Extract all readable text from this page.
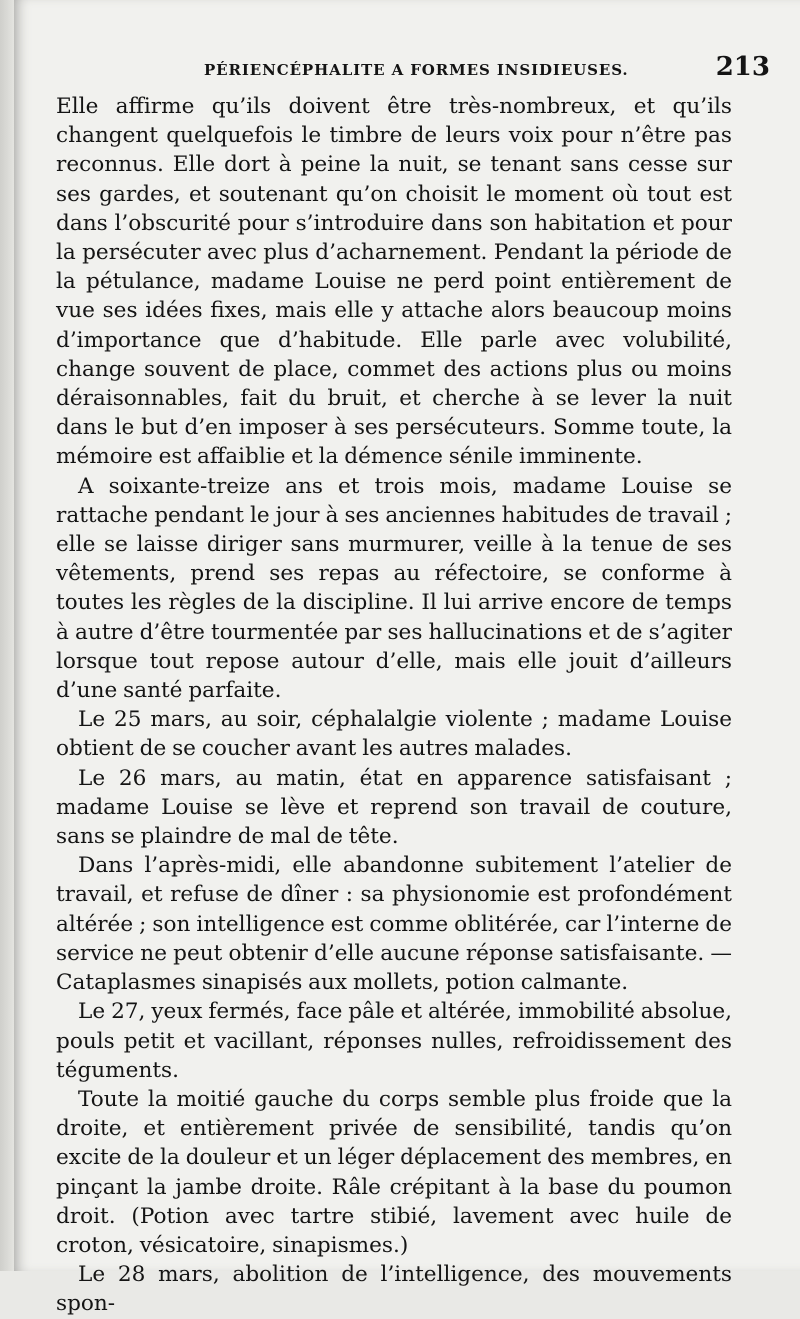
PÉRIENCÉPHALITE A FORMES INSIDIEUSES.	213

Elle affirme qu’ils doivent être très-nombreux, et qu’ils changent quelquefois le timbre de leurs voix pour n’être pas reconnus. Elle dort à peine la nuit, se tenant sans cesse sur ses gardes, et soutenant qu’on choisit le moment où tout est dans l’obscurité pour s’introduire dans son habitation et pour la persécuter avec plus d’acharnement. Pendant la période de la pétulance, madame Louise ne perd point entièrement de vue ses idées fixes, mais elle y attache alors beaucoup moins d’importance que d’habitude. Elle parle avec volubilité, change souvent de place, commet des actions plus ou moins déraisonnables, fait du bruit, et cherche à se lever la nuit dans le but d’en imposer à ses persécuteurs. Somme toute, la mémoire est affaiblie et la démence sénile imminente.

A soixante-treize ans et trois mois, madame Louise se rattache pendant le jour à ses anciennes habitudes de travail ; elle se laisse diriger sans murmurer, veille à la tenue de ses vêtements, prend ses repas au réfectoire, se conforme à toutes les règles de la discipline. Il lui arrive encore de temps à autre d’être tourmentée par ses hallucinations et de s’agiter lorsque tout repose autour d’elle, mais elle jouit d’ailleurs d’une santé parfaite.

Le 25 mars, au soir, céphalalgie violente ; madame Louise obtient de se coucher avant les autres malades.

Le 26 mars, au matin, état en apparence satisfaisant ; madame Louise se lève et reprend son travail de couture, sans se plaindre de mal de tête.

Dans l’après-midi, elle abandonne subitement l’atelier de travail, et refuse de dîner : sa physionomie est profondément altérée ; son intelligence est comme oblitérée, car l’interne de service ne peut obtenir d’elle aucune réponse satisfaisante. — Cataplasmes sinapisés aux mollets, potion calmante.

Le 27, yeux fermés, face pâle et altérée, immobilité absolue, pouls petit et vacillant, réponses nulles, refroidissement des téguments.

Toute la moitié gauche du corps semble plus froide que la droite, et entièrement privée de sensibilité, tandis qu’on excite de la douleur et un léger déplacement des membres, en pinçant la jambe droite. Râle crépitant à la base du poumon droit. (Potion avec tartre stibié, lavement avec huile de croton, vésicatoire, sinapismes.)

Le 28 mars, abolition de l’intelligence, des mouvements spon-
